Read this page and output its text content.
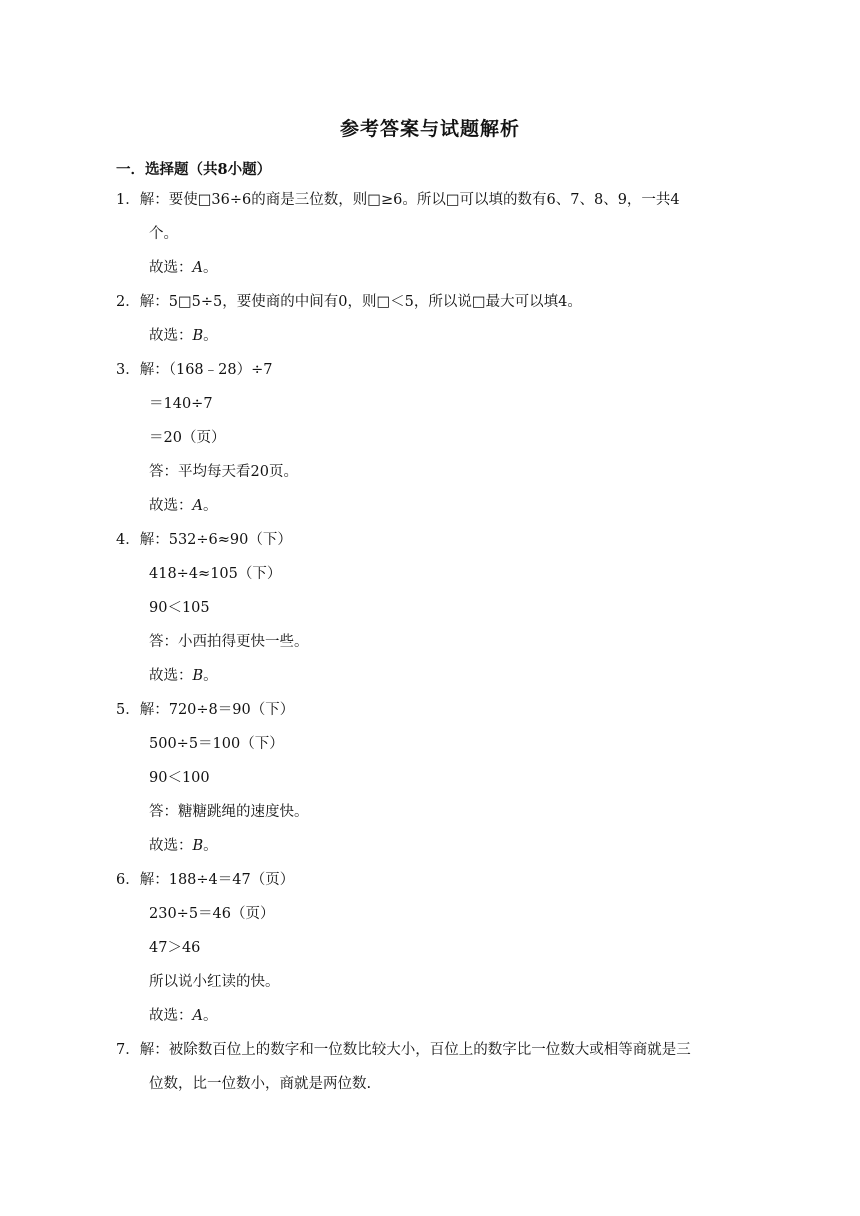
参考答案与试题解析
一．选择题（共8小题）
1．解：要使□36÷6的商是三位数，则□≥6。所以□可以填的数有6、7、8、9，一共4
个。
故选：A。
2．解：5□5÷5，要使商的中间有0，则□＜5，所以说□最大可以填4。
故选：B。
3．解：（168﹣28）÷7
＝140÷7
＝20（页）
答：平均每天看20页。
故选：A。
4．解：532÷6≈90（下）
418÷4≈105（下）
90＜105
答：小西拍得更快一些。
故选：B。
5．解：720÷8＝90（下）
500÷5＝100（下）
90＜100
答：糖糖跳绳的速度快。
故选：B。
6．解：188÷4＝47（页）
230÷5＝46（页）
47＞46
所以说小红读的快。
故选：A。
7．解：被除数百位上的数字和一位数比较大小，百位上的数字比一位数大或相等商就是三
位数，比一位数小，商就是两位数.
